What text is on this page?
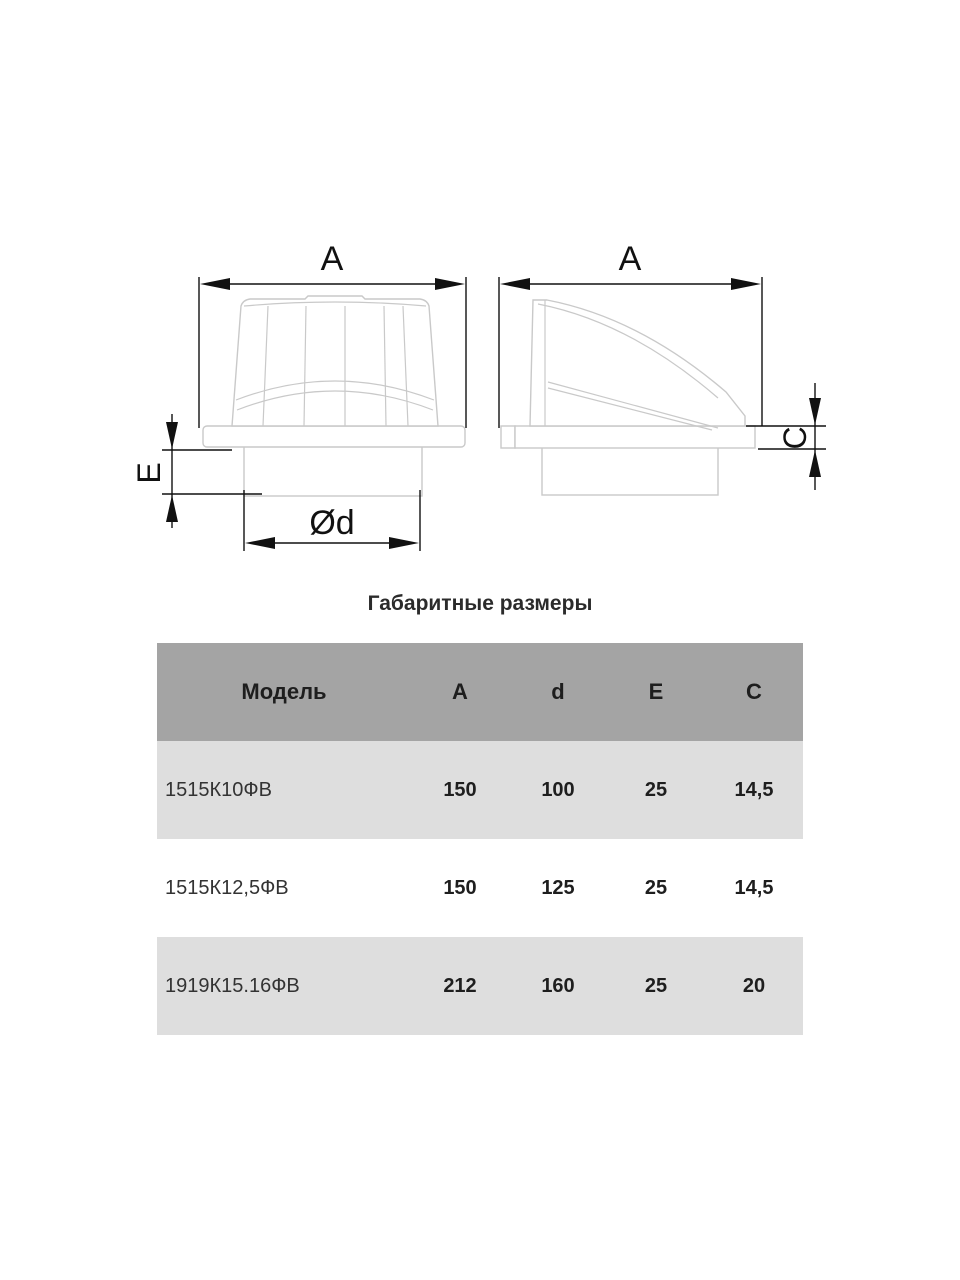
A
Ød
E
A
C
Габаритные размеры
Модель	A	d	E	C
1515К10ФВ	150	100	25	14,5
1515К12,5ФВ	150	125	25	14,5
1919К15.16ФВ	212	160	25	20
